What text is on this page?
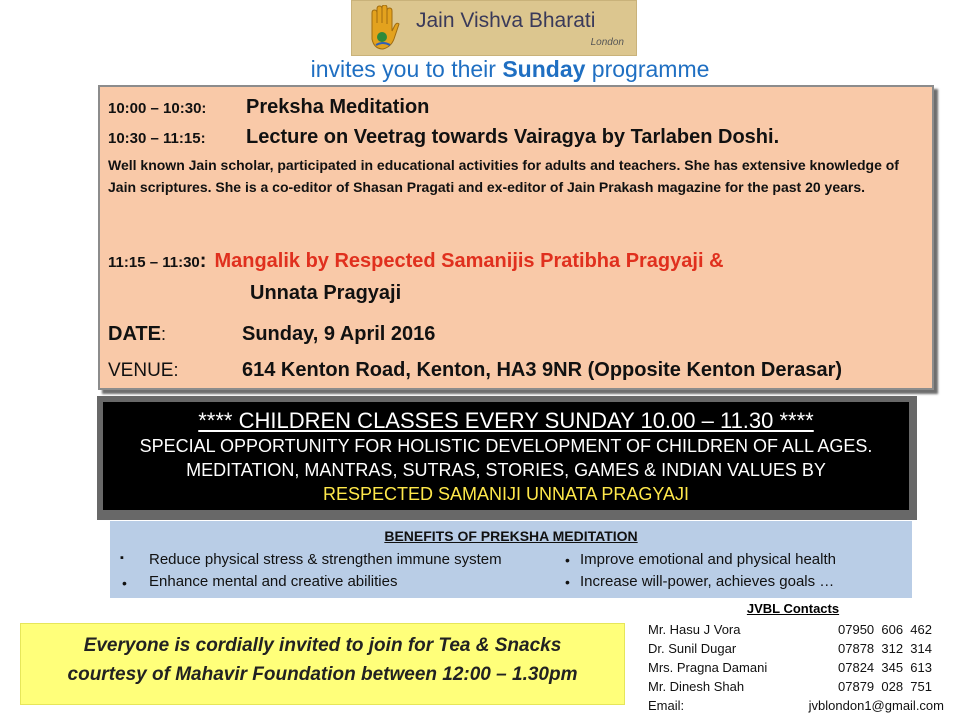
Jain Vishva Bharati
London
invites you to their Sunday programme
10:00 – 10:30: Preksha Meditation
10:30 – 11:15: Lecture on Veetrag towards Vairagya by Tarlaben Doshi.
Well known Jain scholar, participated in educational activities for adults and teachers. She has extensive knowledge of Jain scriptures. She is a co-editor of Shasan Pragati and ex-editor of Jain Prakash magazine for the past 20 years.
11:15 – 11:30: Mangalik by Respected Samanijis Pratibha Pragyaji &
Unnata Pragyaji
DATE:	Sunday, 9 April 2016
VENUE:	614 Kenton Road, Kenton, HA3 9NR (Opposite Kenton Derasar)
**** CHILDREN CLASSES EVERY SUNDAY 10.00 – 11.30 ****
SPECIAL OPPORTUNITY FOR HOLISTIC DEVELOPMENT OF CHILDREN OF ALL AGES.
MEDITATION, MANTRAS, SUTRAS, STORIES, GAMES & INDIAN VALUES BY
RESPECTED SAMANIJI UNNATA PRAGYAJI
BENEFITS OF PREKSHA MEDITATION
▪ Reduce physical stress & strengthen immune system
• Enhance mental and creative abilities
• Improve emotional and physical health
• Increase will-power, achieves goals …
Everyone is cordially invited to join for Tea & Snacks
courtesy of Mahavir Foundation between 12:00 – 1.30pm
JVBL Contacts
Mr. Hasu J Vora	07950  606  462
Dr. Sunil Dugar	07878  312  314
Mrs. Pragna Damani	07824  345  613
Mr. Dinesh Shah	07879  028  751
Email:	jvblondon1@gmail.com
